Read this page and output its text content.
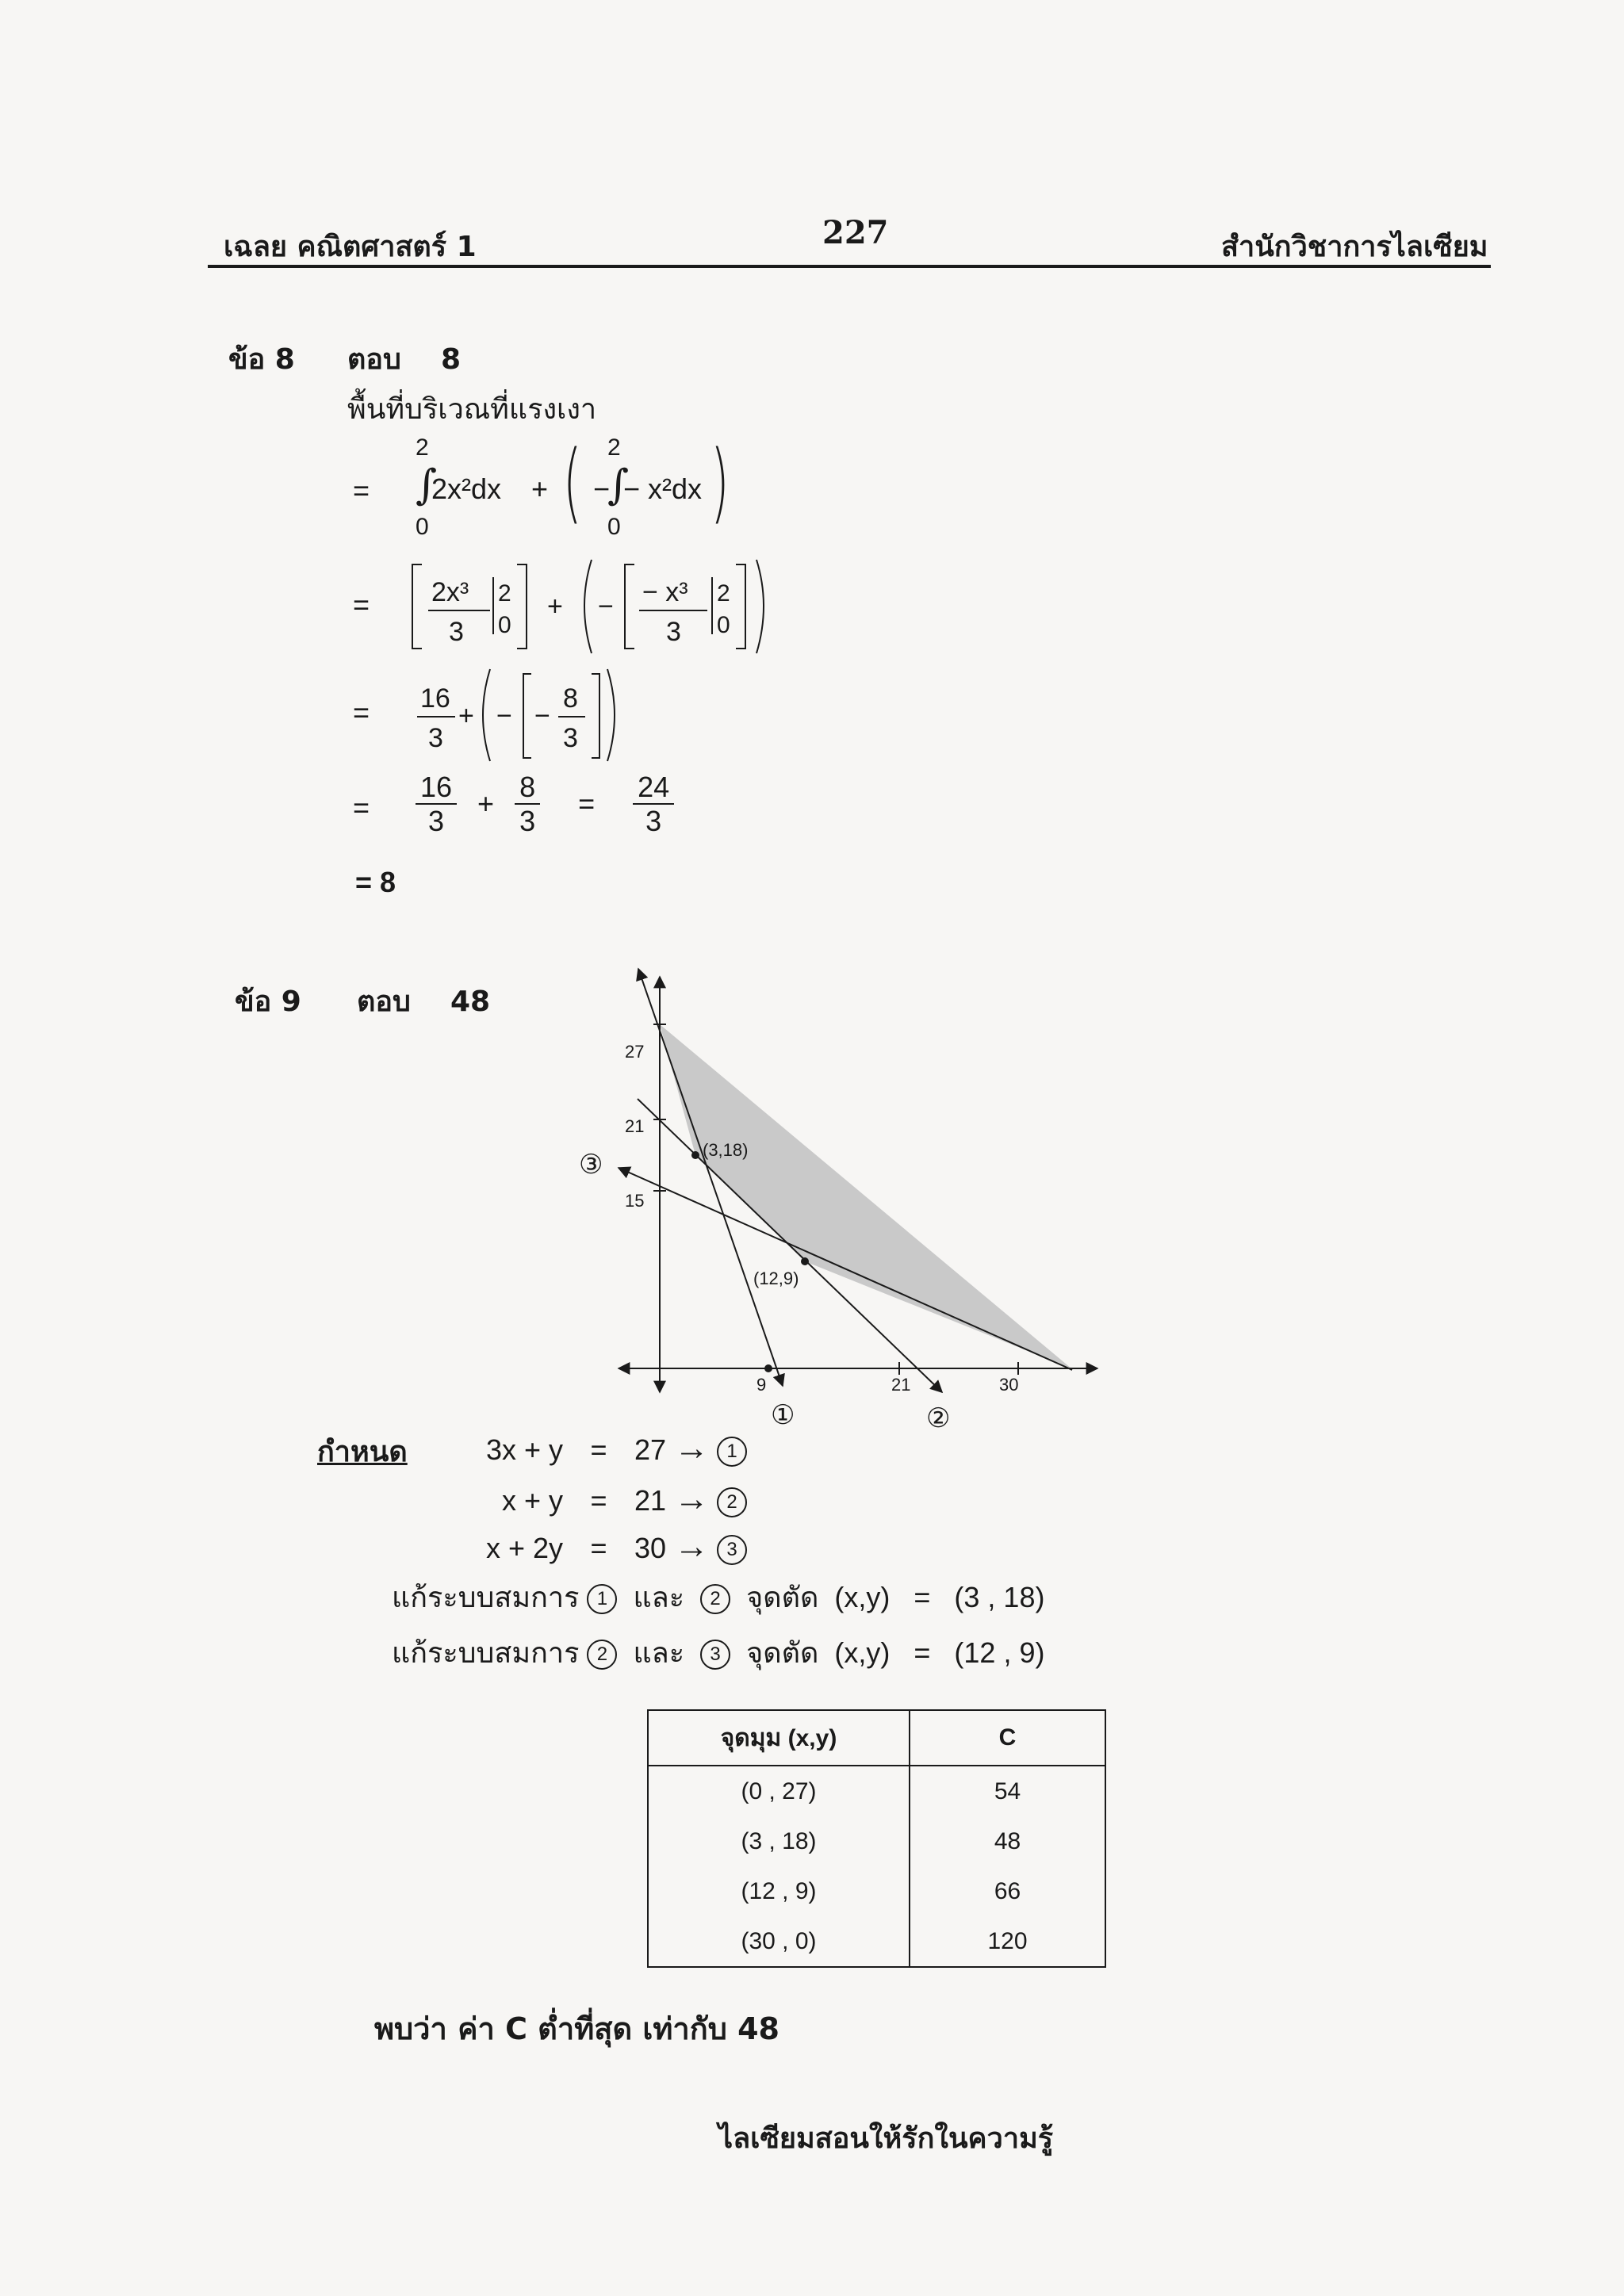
เฉลย คณิตศาสตร์ 1	227	สำนักวิชาการไลเซียม
ข้อ 8 ตอบ 8
พื้นที่บริเวณที่แรงเงา
=
2
∫
2x²dx
0
+ ( −
2
∫
− x²dx
0 )
= 2x³
3
2
0
+ − − x³
3
2
0
= 16
3
+ − −
8
3
= $\frac{16}{3} + \frac{8}{3} = \frac{24}{3}$
= 8
ข้อ 9 ตอบ 48
27
21
15
9	21	30
(3,18)
(12,9)
①	②
③
กำหนด	3x + y = 27 → 1
x + y = 21 → 2
x + 2y = 30 → 3
แก้ระบบสมการ 1 และ 2 จุดตัด (x,y) = (3 , 18)
แก้ระบบสมการ 2 และ 3 จุดตัด (x,y) = (12 , 9)
จุดมุม (x,y)	C
(0 , 27)	54
(3 , 18)	48
(12 , 9)	66
(30 , 0)	120
พบว่า ค่า C ต่ำที่สุด เท่ากับ 48
ไลเซียมสอนให้รักในความรู้
